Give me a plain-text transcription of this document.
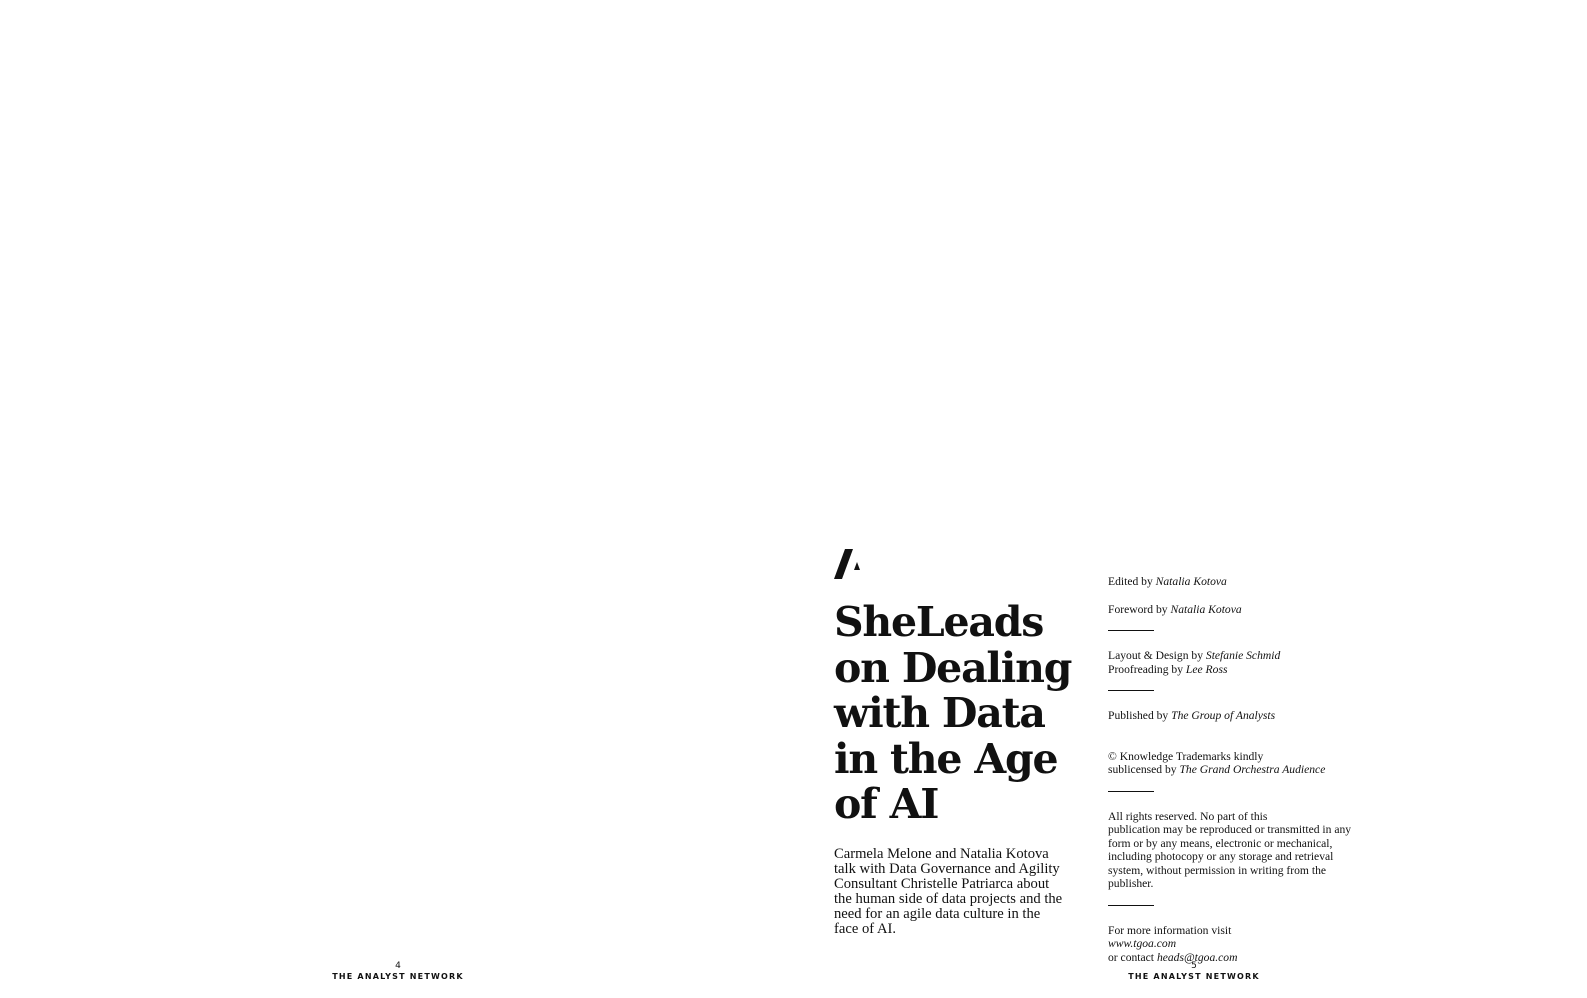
SheLeads
on Dealing
with Data
in the Age
of AI

Carmela Melone and Natalia Kotova talk with Data Governance and Agility Consultant Christelle Patriarca about the human side of data projects and the need for an agile data culture in the face of AI.

Edited by Natalia Kotova

Foreword by Natalia Kotova

Layout & Design by Stefanie Schmid

Proofreading by Lee Ross

Published by The Group of Analysts

© Knowledge Trademarks kindly

sublicensed by The Grand Orchestra Audience

All rights reserved. No part of this

publication may be reproduced or transmitted in any

form or by any means, electronic or mechanical,

including photocopy or any storage and retrieval

system, without permission in writing from the

publisher.

For more information visit

www.tgoa.com

or contact heads@tgoa.com

4
THE ANALYST NETWORK
5
THE ANALYST NETWORK
